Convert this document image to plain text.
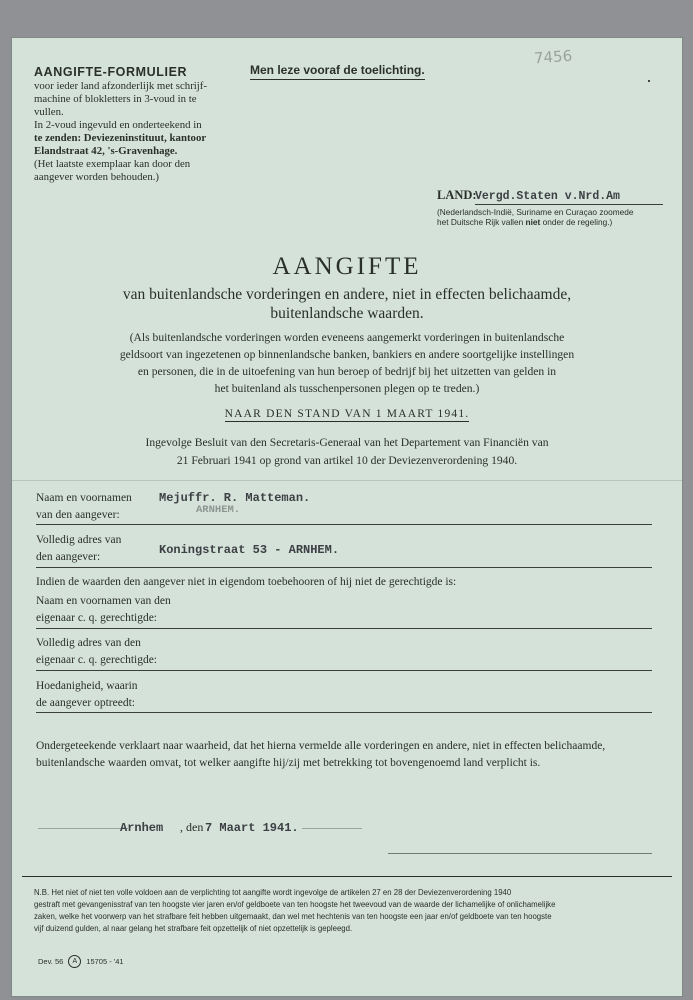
AANGIFTE-FORMULIER
voor ieder land afzonderlijk met schrijf-
machine of blokletters in 3-voud in te
vullen.
In 2-voud ingevuld en onderteekend in
te zenden: Deviezeninstituut, kantoor
Elandstraat 42, 's-Gravenhage.
(Het laatste exemplaar kan door den
aangever worden behouden.)
Men leze vooraf de toelichting.
7456
LAND:
Vergd.Staten v.Nrd.Am
(Nederlandsch-Indië, Suriname en Curaçao zoomede
het Duitsche Rijk vallen niet onder de regeling.)
AANGIFTE
van buitenlandsche vorderingen en andere, niet in effecten belichaamde,
buitenlandsche waarden.
(Als buitenlandsche vorderingen worden eveneens aangemerkt vorderingen in buitenlandsche
geldsoort van ingezetenen op binnenlandsche banken, bankiers en andere soortgelijke instellingen
en personen, die in de uitoefening van hun beroep of bedrijf bij het uitzetten van gelden in
het buitenland als tusschenpersonen plegen op te treden.)
NAAR DEN STAND VAN 1 MAART 1941.
Ingevolge Besluit van den Secretaris-Generaal van het Departement van Financiën van
21 Februari 1941 op grond van artikel 10 der Deviezenverordening 1940.
Naam en voornamen
van den aangever:
Mejuffr. R. Matteman.
ARNHEM.
Volledig adres van
den aangever:	Koningstraat 53 - ARNHEM.
Indien de waarden den aangever niet in eigendom toebehooren of hij niet de gerechtigde is:
Naam en voornamen van den
eigenaar c. q. gerechtigde:
Volledig adres van den
eigenaar c. q. gerechtigde:
Hoedanigheid, waarin
de aangever optreedt:
Ondergeteekende verklaart naar waarheid, dat het hierna vermelde alle vorderingen en andere, niet in effecten belichaamde,
buitenlandsche waarden omvat, tot welker aangifte hij/zij met betrekking tot bovengenoemd land verplicht is.
Arnhem , den 7 Maart 1941.
N.B. Het niet of niet ten volle voldoen aan de verplichting tot aangifte wordt ingevolge de artikelen 27 en 28 der Deviezenverordening 1940
gestraft met gevangenisstraf van ten hoogste vier jaren en/of geldboete van ten hoogste het tweevoud van de waarde der lichamelijke of onlichamelijke
zaken, welke het voorwerp van het strafbare feit hebben uitgemaakt, dan wel met hechtenis van ten hoogste een jaar en/of geldboete van ten hoogste
vijf duizend gulden, al naar gelang het strafbare feit opzettelijk of niet opzettelijk is gepleegd.
Dev. 56	A	15705 - '41
